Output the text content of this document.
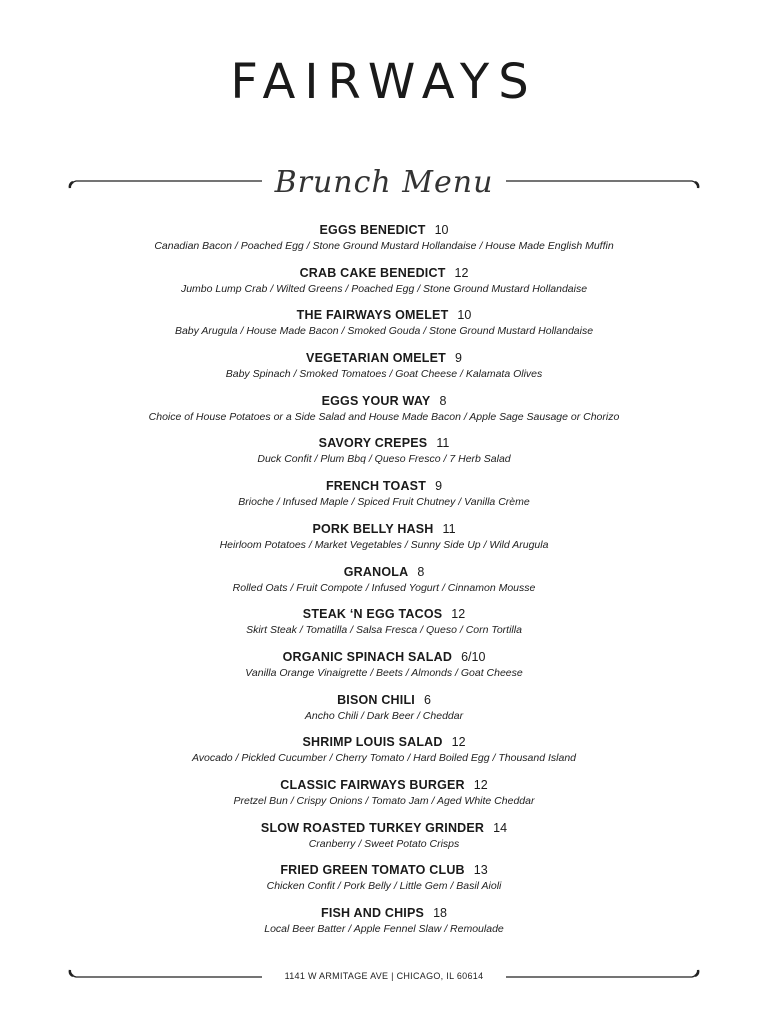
FAIRWAYS
Brunch Menu
EGGS BENEDICT 10
Canadian Bacon / Poached Egg / Stone Ground Mustard Hollandaise / House Made English Muffin
CRAB CAKE BENEDICT 12
Jumbo Lump Crab / Wilted Greens / Poached Egg / Stone Ground Mustard Hollandaise
THE FAIRWAYS OMELET 10
Baby Arugula / House Made Bacon / Smoked Gouda / Stone Ground Mustard Hollandaise
VEGETARIAN OMELET 9
Baby Spinach / Smoked Tomatoes / Goat Cheese / Kalamata Olives
EGGS YOUR WAY 8
Choice of House Potatoes or a Side Salad and House Made Bacon / Apple Sage Sausage or Chorizo
SAVORY CREPES 11
Duck Confit / Plum Bbq / Queso Fresco / 7 Herb Salad
FRENCH TOAST 9
Brioche / Infused Maple / Spiced Fruit Chutney / Vanilla Crème
PORK BELLY HASH 11
Heirloom Potatoes / Market Vegetables / Sunny Side Up / Wild Arugula
GRANOLA 8
Rolled Oats / Fruit Compote / Infused Yogurt / Cinnamon Mousse
STEAK ‘N EGG TACOS 12
Skirt Steak / Tomatilla / Salsa Fresca / Queso / Corn Tortilla
ORGANIC SPINACH SALAD 6/10
Vanilla Orange Vinaigrette / Beets / Almonds / Goat Cheese
BISON CHILI 6
Ancho Chili / Dark Beer / Cheddar
SHRIMP LOUIS SALAD 12
Avocado / Pickled Cucumber / Cherry Tomato / Hard Boiled Egg / Thousand Island
CLASSIC FAIRWAYS BURGER 12
Pretzel Bun / Crispy Onions / Tomato Jam / Aged White Cheddar
SLOW ROASTED TURKEY GRINDER 14
Cranberry / Sweet Potato Crisps
FRIED GREEN TOMATO CLUB 13
Chicken Confit / Pork Belly / Little Gem / Basil Aioli
FISH AND CHIPS 18
Local Beer Batter / Apple Fennel Slaw / Remoulade
1141 W ARMITAGE AVE | CHICAGO, IL 60614
